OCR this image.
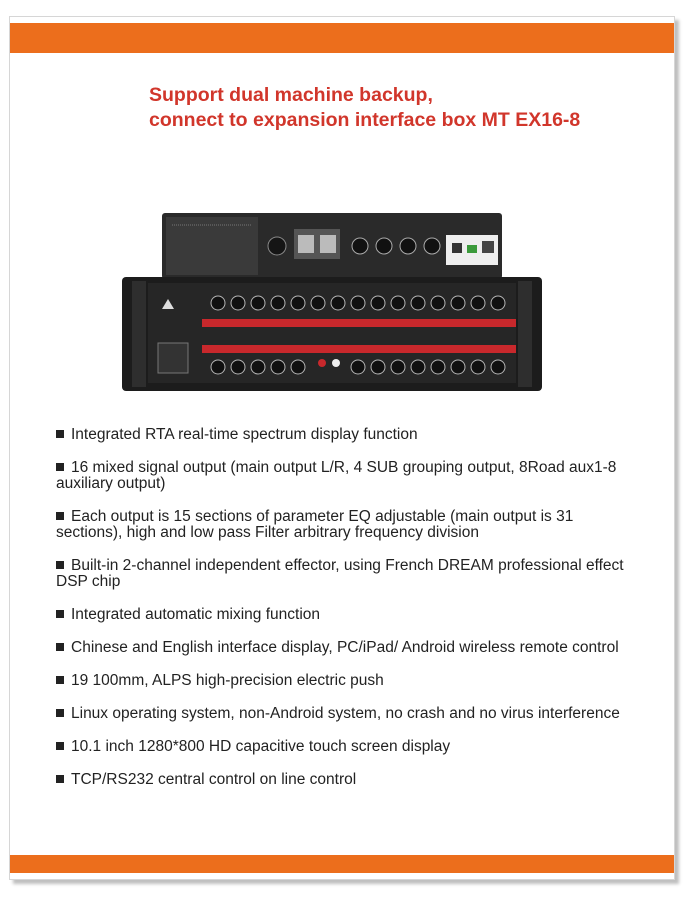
Support dual machine backup,
connect to expansion interface box MT EX16-8
Integrated RTA real-time spectrum display function
16 mixed signal output (main output L/R, 4 SUB grouping output, 8Road aux1-8 auxiliary output)
Each output is 15 sections of parameter EQ adjustable (main output is 31 sections), high and low pass Filter arbitrary frequency division
Built-in 2-channel independent effector, using French DREAM professional effect DSP chip
Integrated automatic mixing function
Chinese and English interface display, PC/iPad/ Android wireless remote control
19 100mm, ALPS high-precision electric push
Linux operating system, non-Android system, no crash and no virus interference
10.1 inch 1280*800 HD capacitive touch screen display
TCP/RS232 central control on line control
